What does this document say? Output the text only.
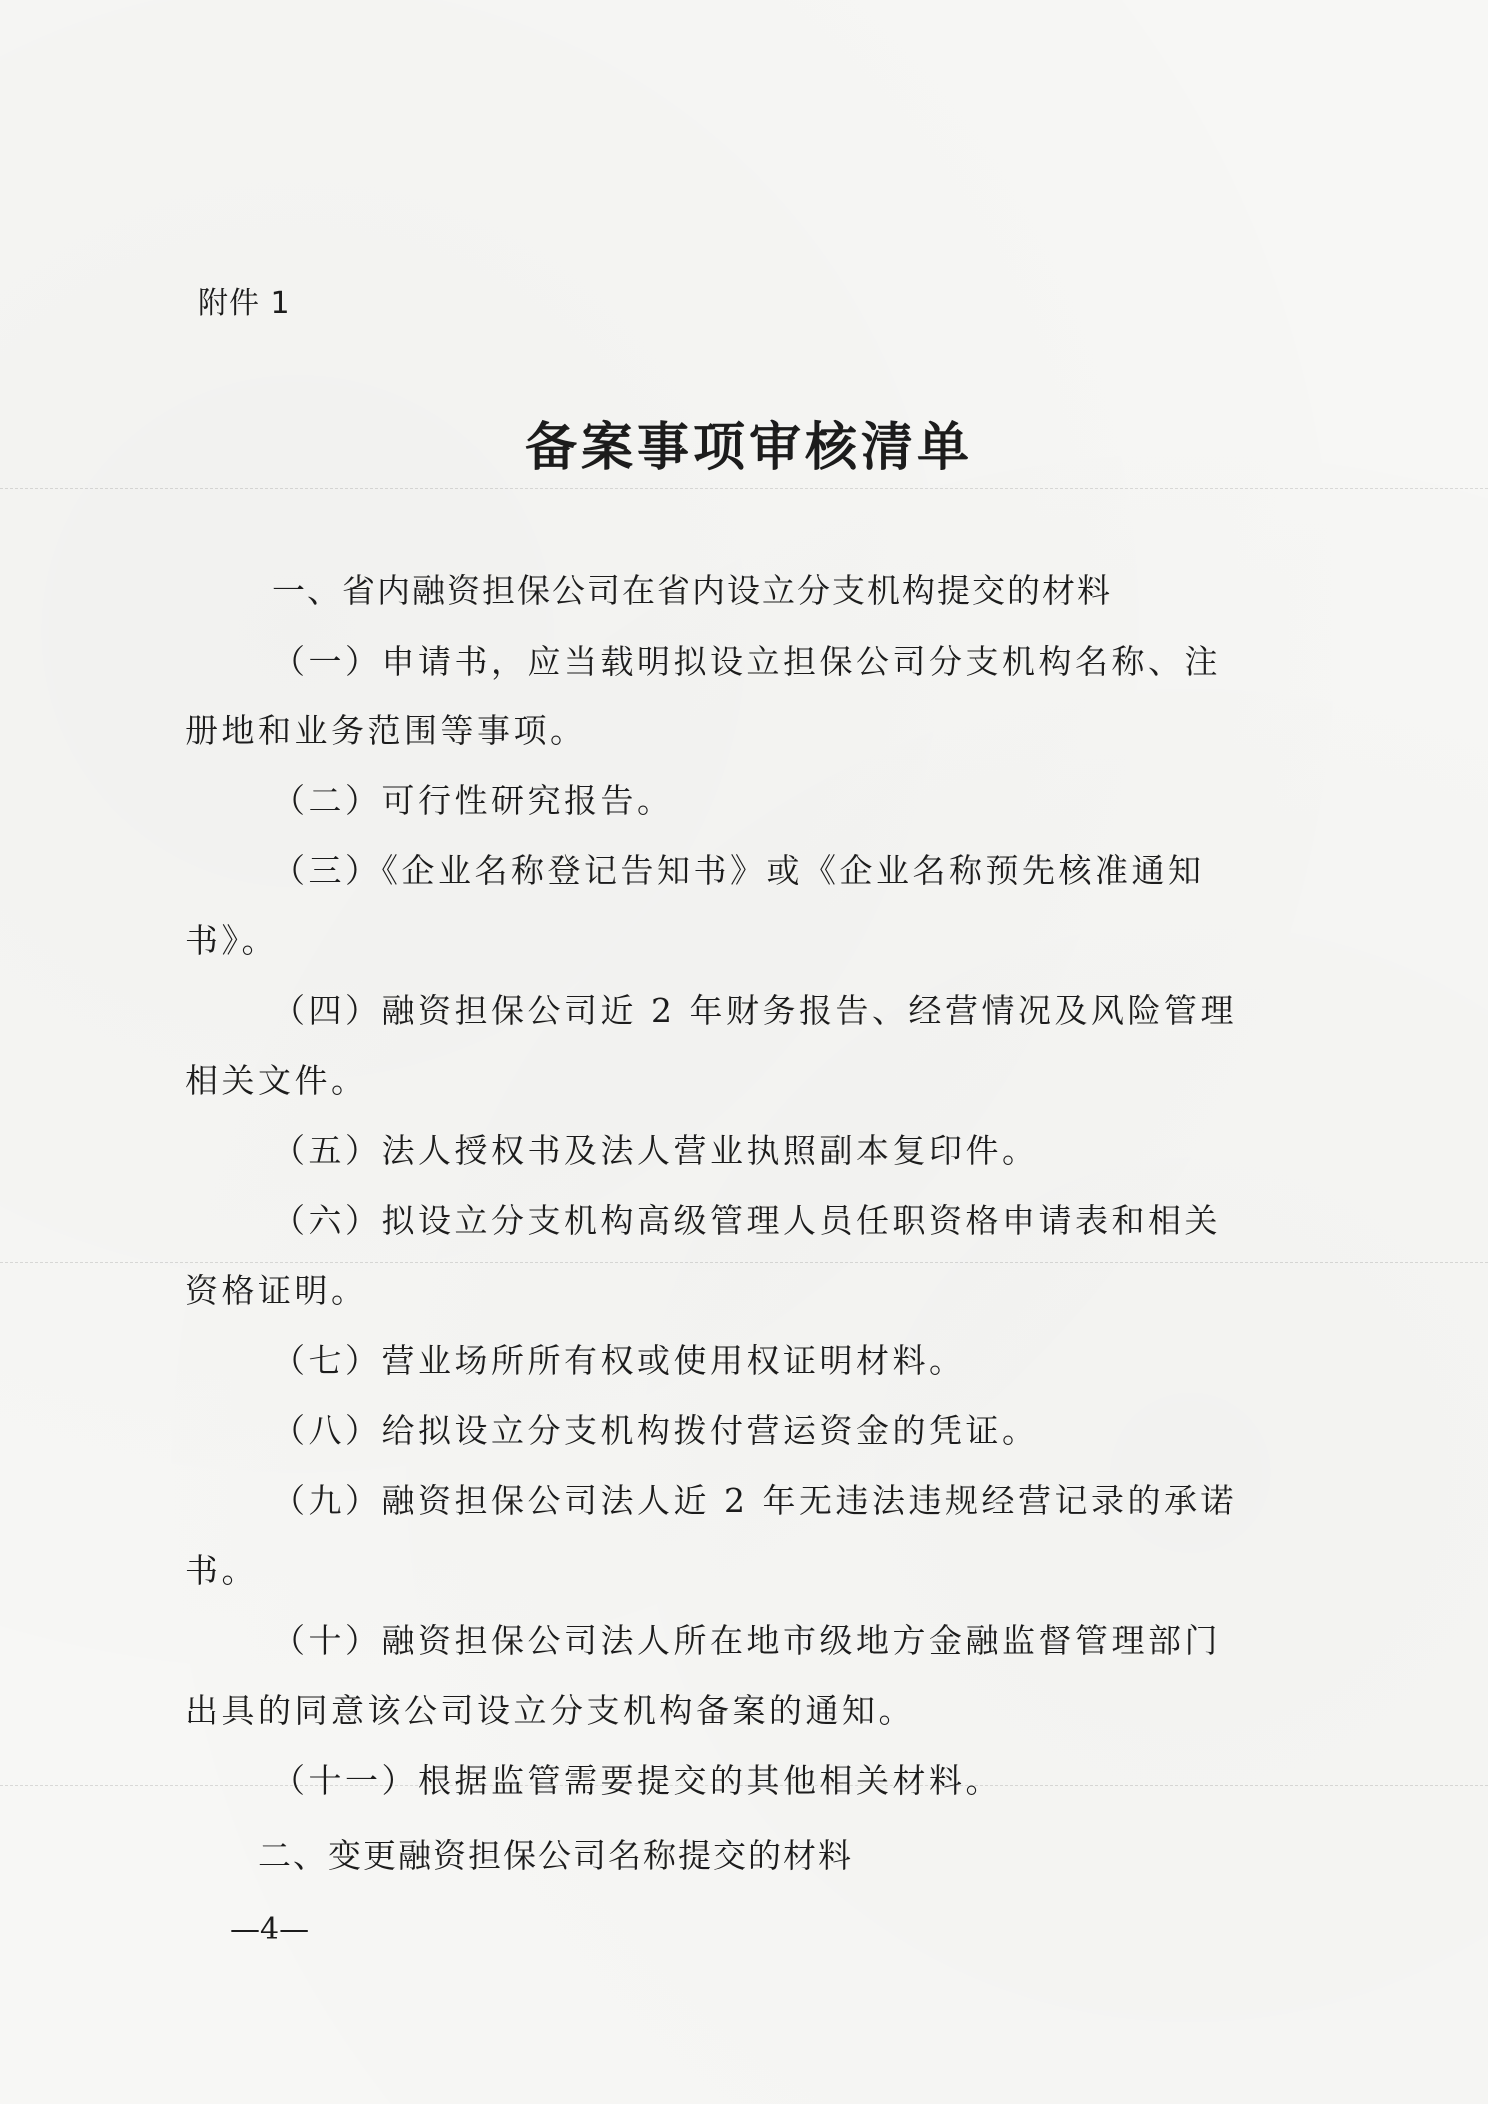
附件 1
备案事项审核清单
一、省内融资担保公司在省内设立分支机构提交的材料
（一）申请书，应当载明拟设立担保公司分支机构名称、注
册地和业务范围等事项。
（二）可行性研究报告。
（三）《企业名称登记告知书》或《企业名称预先核准通知
书》。
（四）融资担保公司近 2 年财务报告、经营情况及风险管理
相关文件。
（五）法人授权书及法人营业执照副本复印件。
（六）拟设立分支机构高级管理人员任职资格申请表和相关
资格证明。
（七）营业场所所有权或使用权证明材料。
（八）给拟设立分支机构拨付营运资金的凭证。
（九）融资担保公司法人近 2 年无违法违规经营记录的承诺
书。
（十）融资担保公司法人所在地市级地方金融监督管理部门
出具的同意该公司设立分支机构备案的通知。
（十一）根据监管需要提交的其他相关材料。
二、变更融资担保公司名称提交的材料
—4—
